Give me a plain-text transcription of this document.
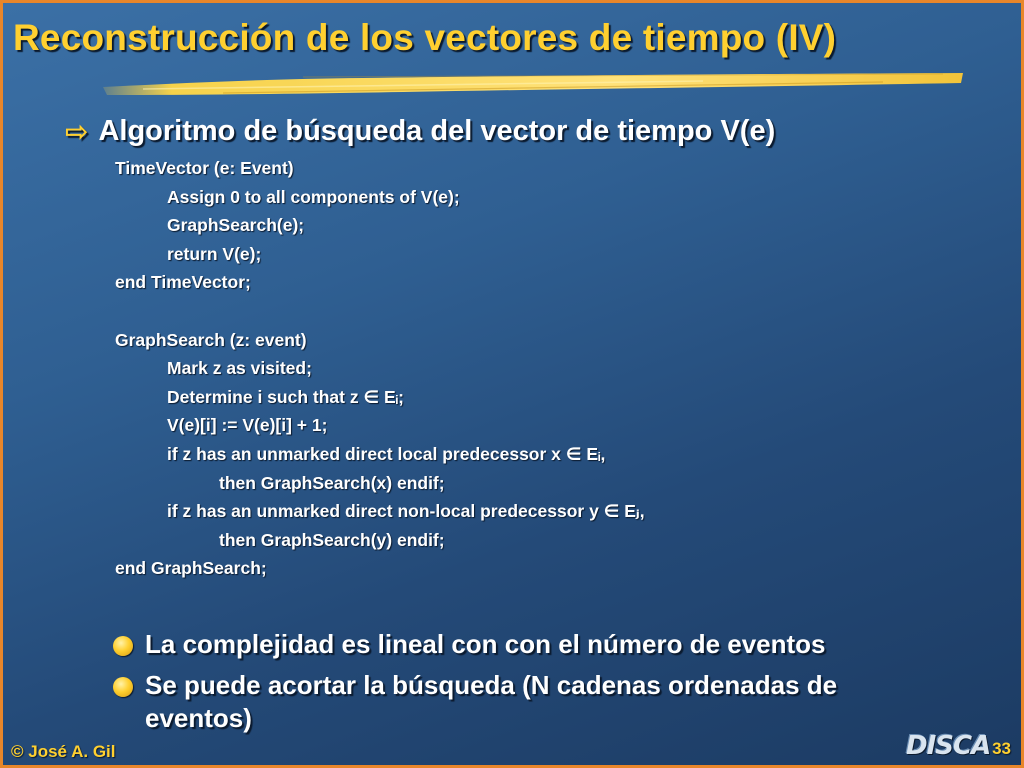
Reconstrucción de los vectores de tiempo (IV)
⇨ Algoritmo de búsqueda del vector de tiempo V(e)
TimeVector (e: Event)
Assign 0 to all components of V(e);
GraphSearch(e);
return V(e);
end TimeVector;
GraphSearch (z: event)
Mark z as visited;
Determine i such that z ∈ Eᵢ;
V(e)[i] := V(e)[i] + 1;
if z has an unmarked direct local predecessor x ∈ Eᵢ,
then GraphSearch(x) endif;
if z has an unmarked direct non-local predecessor y ∈ Eⱼ,
then GraphSearch(y) endif;
end GraphSearch;
La complejidad es lineal con con el número de eventos
Se puede acortar la búsqueda (N cadenas ordenadas de eventos)
© José A. Gil	DISCA 33
